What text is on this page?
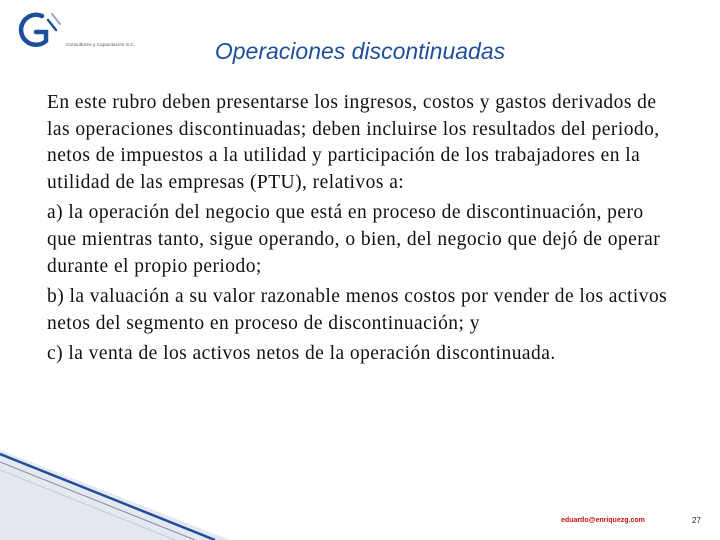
Consultores y Capacitación S.C.	Operaciones discontinuadas

En este rubro deben presentarse los ingresos, costos y gastos derivados de las operaciones discontinuadas; deben incluirse los resultados del periodo, netos de impuestos a la utilidad y participación de los trabajadores en la utilidad de las empresas (PTU), relativos a:

a) la operación del negocio que está en proceso de discontinuación, pero que mientras tanto, sigue operando, o bien, del negocio que dejó de operar durante el propio periodo;

b) la valuación a su valor razonable menos costos por vender de los activos netos del segmento en proceso de discontinuación; y

c) la venta de los activos netos de la operación discontinuada.

eduardo@enriquezg.com	27
